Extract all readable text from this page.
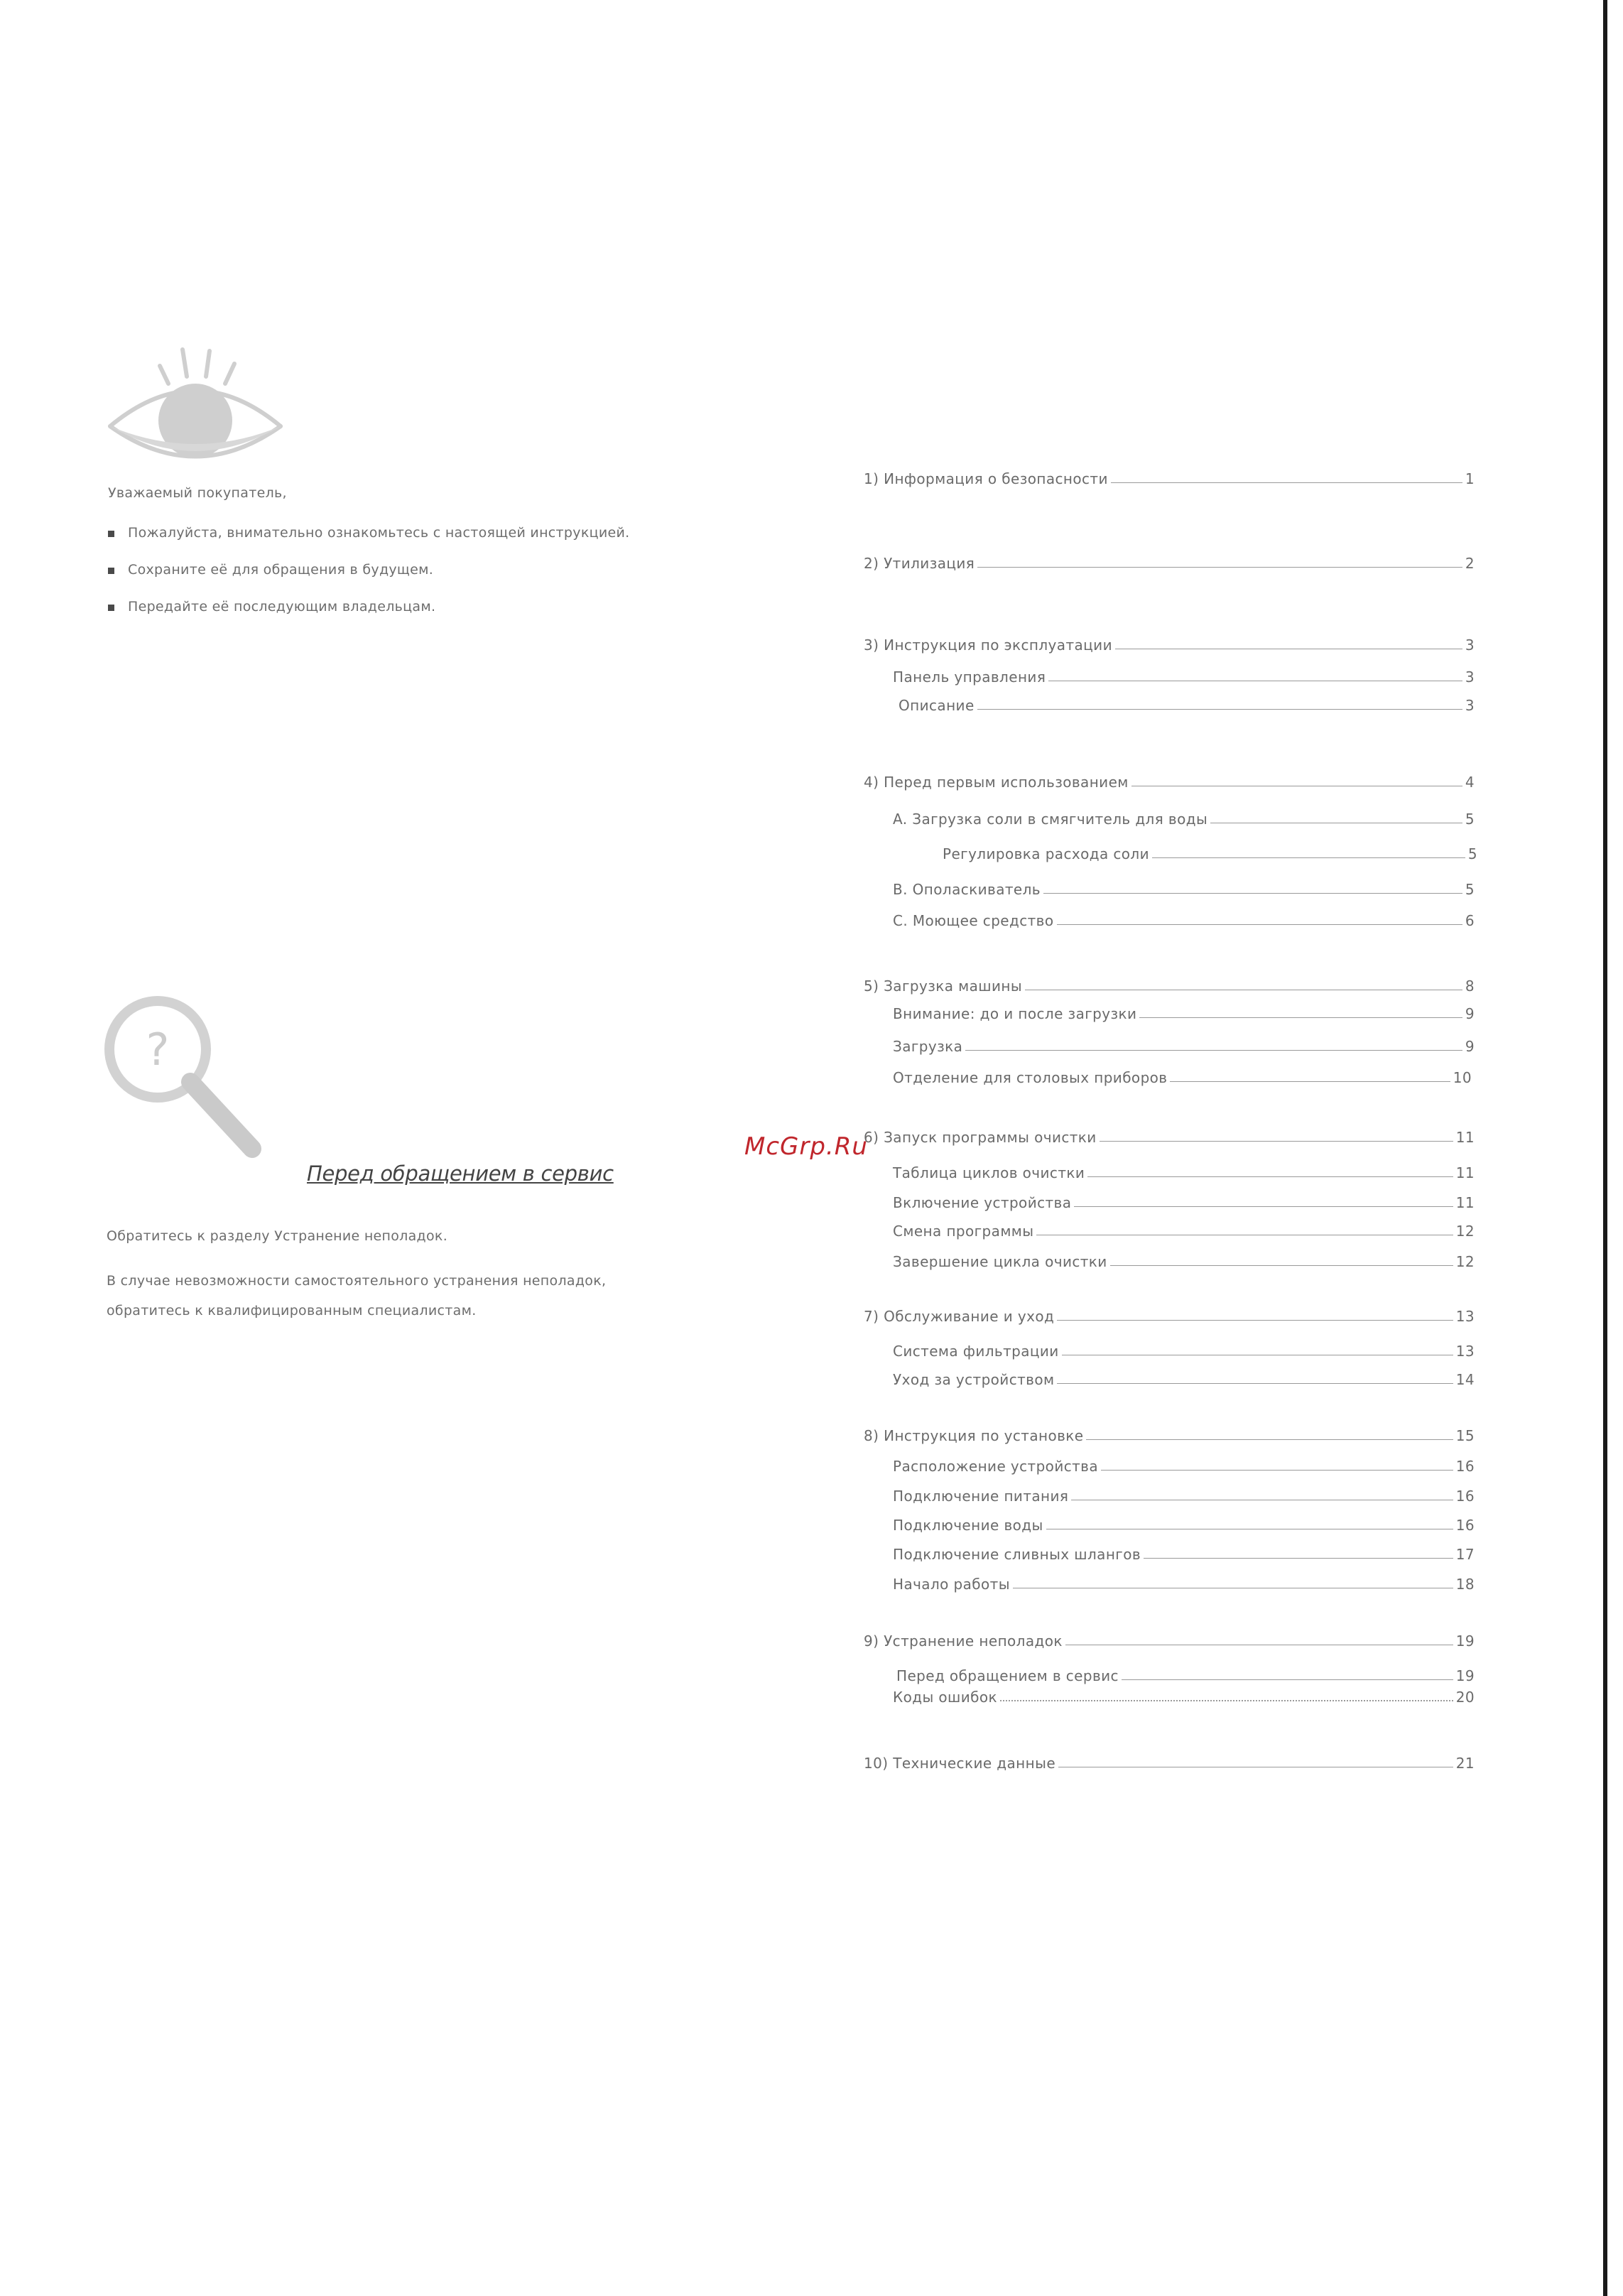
Уважаемый покупатель,
Пожалуйста, внимательно ознакомьтесь с настоящей инструкцией.
Сохраните её для обращения в будущем.
Передайте её последующим владельцам.
?
Перед обращением в сервис
Обратитесь к разделу Устранение неполадок.
В случае невозможности самостоятельного устранения неполадок,
обратитесь к квалифицированным специалистам.
McGrp.Ru
1) Информация о безопасности	1
2) Утилизация	2
3) Инструкция по эксплуатации	3
Панель управления	3
Описание	3
4) Перед первым использованием	4
A. Загрузка соли в смягчитель для воды	5
Регулировка расхода соли	5
B. Ополаскиватель	5
C. Моющее средство	6
5) Загрузка машины	8
Внимание: до и после загрузки	9
Загрузка	9
Отделение для столовых приборов	10
6) Запуск программы очистки	11
Таблица циклов очистки	11
Включение устройства	11
Смена программы	12
Завершение цикла очистки	12
7) Обслуживание и уход	13
Система фильтрации	13
Уход за устройством	14
8) Инструкция по установке	15
Расположение устройства	16
Подключение питания	16
Подключение воды	16
Подключение сливных шлангов	17
Начало работы	18
9) Устранение неполадок	19
Перед обращением в сервис	19
Коды ошибок	20
10) Технические данные	21
